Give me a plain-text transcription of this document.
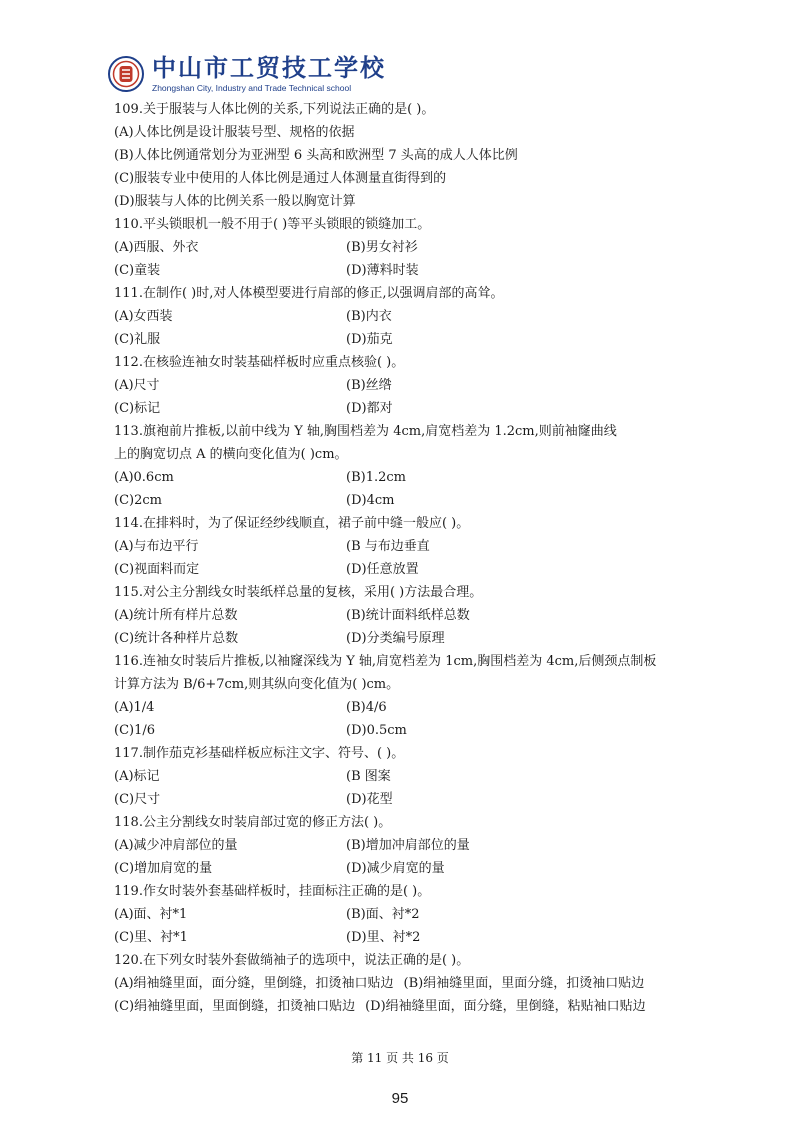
中山市工贸技工学校
Zhongshan City, Industry and Trade Technical school
109.关于服装与人体比例的关系,下列说法正确的是( )。
(A)人体比例是设计服装号型、规格的依据
(B)人体比例通常划分为亚洲型 6 头高和欧洲型 7 头高的成人人体比例
(C)服装专业中使用的人体比例是通过人体测量直街得到的
(D)服装与人体的比例关系一般以胸宽计算
110.平头锁眼机一般不用于( )等平头锁眼的锁缝加工。
(A)西服、外衣	(B)男女衬衫
(C)童装	(D)薄料时装
111.在制作( )时,对人体模型要进行肩部的修正,以强调肩部的高耸。
(A)女西装	(B)内衣
(C)礼服	(D)茄克
112.在核验连袖女时装基础样板时应重点核验( )。
(A)尺寸	(B)丝绺
(C)标记	(D)都对
113.旗袍前片推板,以前中线为 Y 轴,胸围档差为 4cm,肩宽档差为 1.2cm,则前袖窿曲线
上的胸宽切点 A 的横向变化值为( )cm。
(A)0.6cm	(B)1.2cm
(C)2cm	(D)4cm
114.在排料时，为了保证经纱线顺直，裙子前中缝一般应( )。
(A)与布边平行	(B 与布边垂直
(C)视面料而定	(D)任意放置
115.对公主分割线女时装纸样总量的复核，采用( )方法最合理。
(A)统计所有样片总数	(B)统计面料纸样总数
(C)统计各种样片总数	(D)分类编号原理
116.连袖女时装后片推板,以袖窿深线为 Y 轴,肩宽档差为 1cm,胸围档差为 4cm,后侧颈点制板
计算方法为 B/6+7cm,则其纵向变化值为( )cm。
(A)1/4	(B)4/6
(C)1/6	(D)0.5cm
117.制作茄克衫基础样板应标注文字、符号、( )。
(A)标记	(B 图案
(C)尺寸	(D)花型
118.公主分割线女时装肩部过宽的修正方法( )。
(A)减少冲肩部位的量	(B)增加冲肩部位的量
(C)增加肩宽的量	(D)减少肩宽的量
119.作女时装外套基础样板时，挂面标注正确的是( )。
(A)面、衬*1	(B)面、衬*2
(C)里、衬*1	(D)里、衬*2
120.在下列女时装外套做绱袖子的选项中，说法正确的是( )。
(A)绢袖缝里面，面分缝，里倒缝，扣烫袖口贴边 (B)绢袖缝里面，里面分缝，扣烫袖口贴边
(C)绢袖缝里面，里面倒缝，扣烫袖口贴边 (D)绢袖缝里面，面分缝，里倒缝，粘贴袖口贴边
第 11 页 共 16 页
95
